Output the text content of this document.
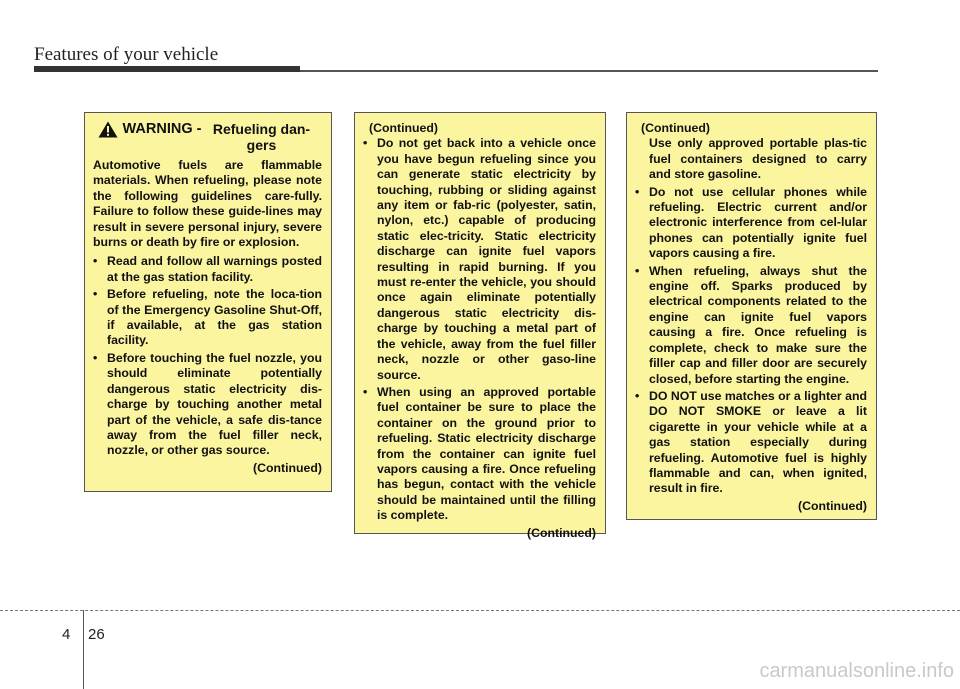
Features of your vehicle
WARNING - Refueling dan-gers
Automotive fuels are flammable materials. When refueling, please note the following guidelines care-fully. Failure to follow these guide-lines may result in severe personal injury, severe burns or death by fire or explosion.
• Read and follow all warnings posted at the gas station facility.
• Before refueling, note the loca-tion of the Emergency Gasoline Shut-Off, if available, at the gas station facility.
• Before touching the fuel nozzle, you should eliminate potentially dangerous static electricity dis-charge by touching another metal part of the vehicle, a safe dis-tance away from the fuel filler neck, nozzle, or other gas source.
(Continued)
(Continued)
• Do not get back into a vehicle once you have begun refueling since you can generate static electricity by touching, rubbing or sliding against any item or fab-ric (polyester, satin, nylon, etc.) capable of producing static elec-tricity. Static electricity discharge can ignite fuel vapors resulting in rapid burning. If you must re-enter the vehicle, you should once again eliminate potentially dangerous static electricity dis-charge by touching a metal part of the vehicle, away from the fuel filler neck, nozzle or other gaso-line source.
• When using an approved portable fuel container be sure to place the container on the ground prior to refueling. Static electricity discharge from the container can ignite fuel vapors causing a fire. Once refueling has begun, contact with the vehicle should be maintained until the filling is complete.
(Continued)
(Continued)
Use only approved portable plas-tic fuel containers designed to carry and store gasoline.
• Do not use cellular phones while refueling. Electric current and/or electronic interference from cel-lular phones can potentially ignite fuel vapors causing a fire.
• When refueling, always shut the engine off. Sparks produced by electrical components related to the engine can ignite fuel vapors causing a fire. Once refueling is complete, check to make sure the filler cap and filler door are securely closed, before starting the engine.
• DO NOT use matches or a lighter and DO NOT SMOKE or leave a lit cigarette in your vehicle while at a gas station especially during refueling. Automotive fuel is highly flammable and can, when ignited, result in fire.
(Continued)
4 26
carmanualsonline.info
